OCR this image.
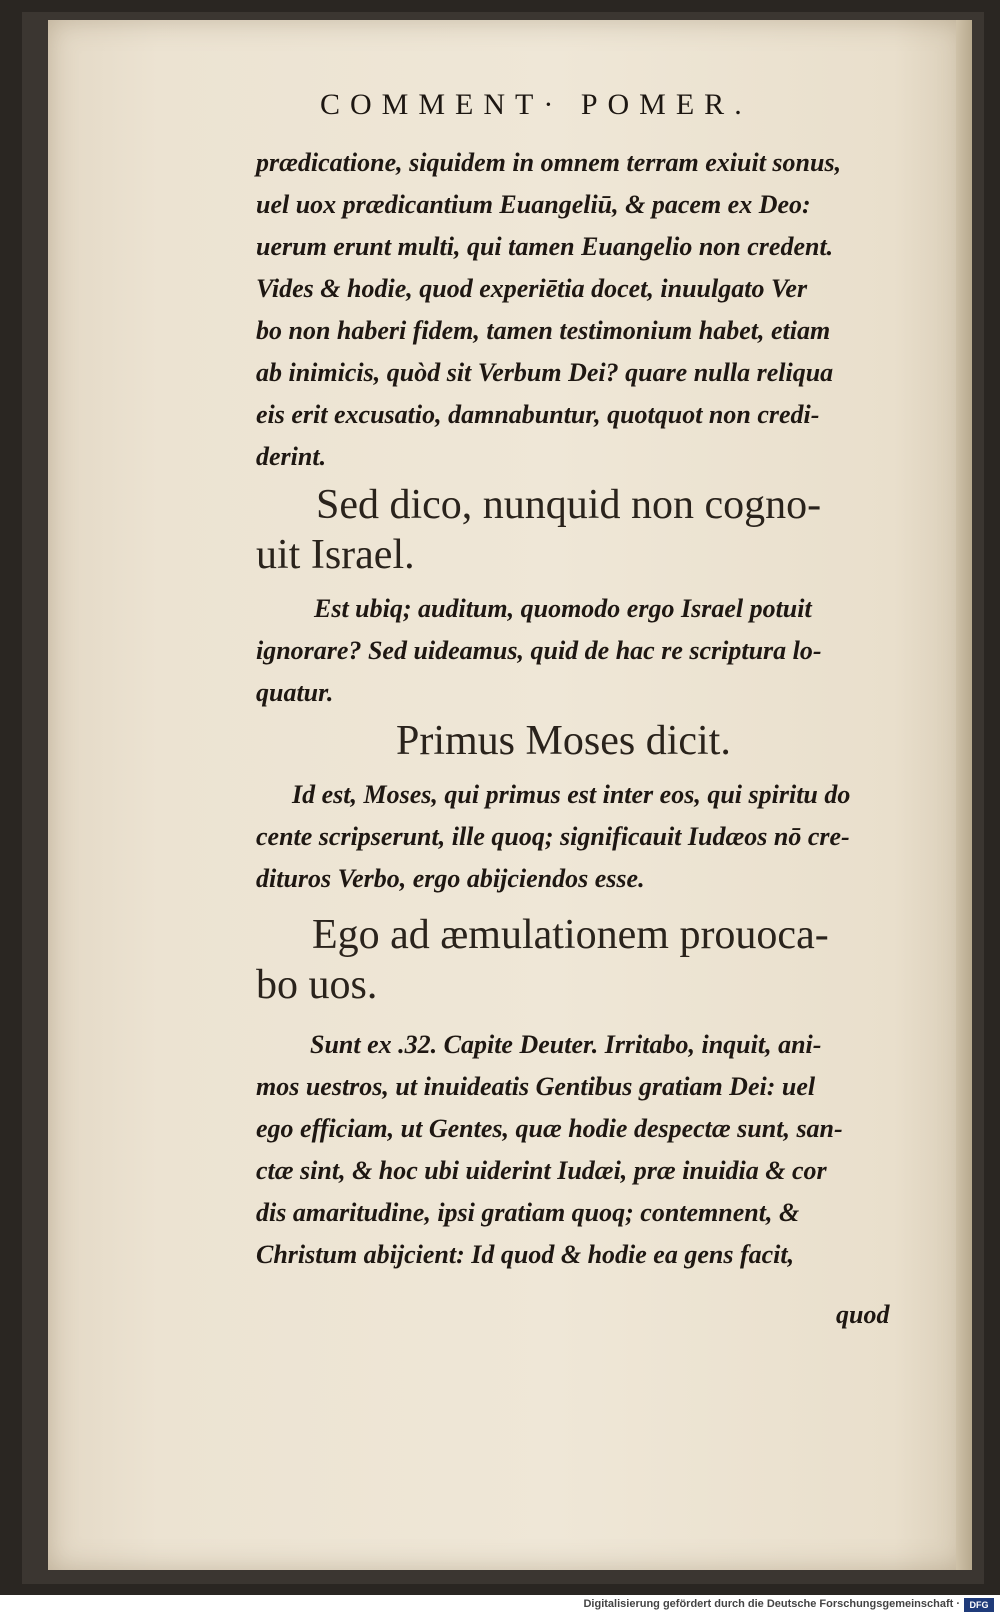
COMMENT· POMER.
prædicatione, siquidem in omnem terram exiuit sonus,
uel uox prædicantium Euangeliū, & pacem ex Deo:
uerum erunt multi, qui tamen Euangelio non credent.
Vides & hodie, quod experiētia docet, inuulgato Ver
bo non haberi fidem, tamen testimonium habet, etiam
ab inimicis, quòd sit Verbum Dei? quare nulla reliqua
eis erit excusatio, damnabuntur, quotquot non credi-
derint.
Sed dico, nunquid non cogno-
uit Israel.
Est ubiq; auditum, quomodo ergo Israel potuit
ignorare? Sed uideamus, quid de hac re scriptura lo-
quatur.
Primus Moses dicit.
Id est, Moses, qui primus est inter eos, qui spiritu do
cente scripserunt, ille quoq; significauit Iudæos nō cre-
dituros Verbo, ergo abijciendos esse.
Ego ad æmulationem prouoca-
bo uos.
Sunt ex .32. Capite Deuter. Irritabo, inquit, ani-
mos uestros, ut inuideatis Gentibus gratiam Dei: uel
ego efficiam, ut Gentes, quæ hodie despectæ sunt, san-
ctæ sint, & hoc ubi uiderint Iudæi, præ inuidia & cor
dis amaritudine, ipsi gratiam quoq; contemnent, &
Christum abijcient: Id quod & hodie ea gens facit,
quod
Digitalisierung gefördert durch die Deutsche Forschungsgemeinschaft ·	DFG
